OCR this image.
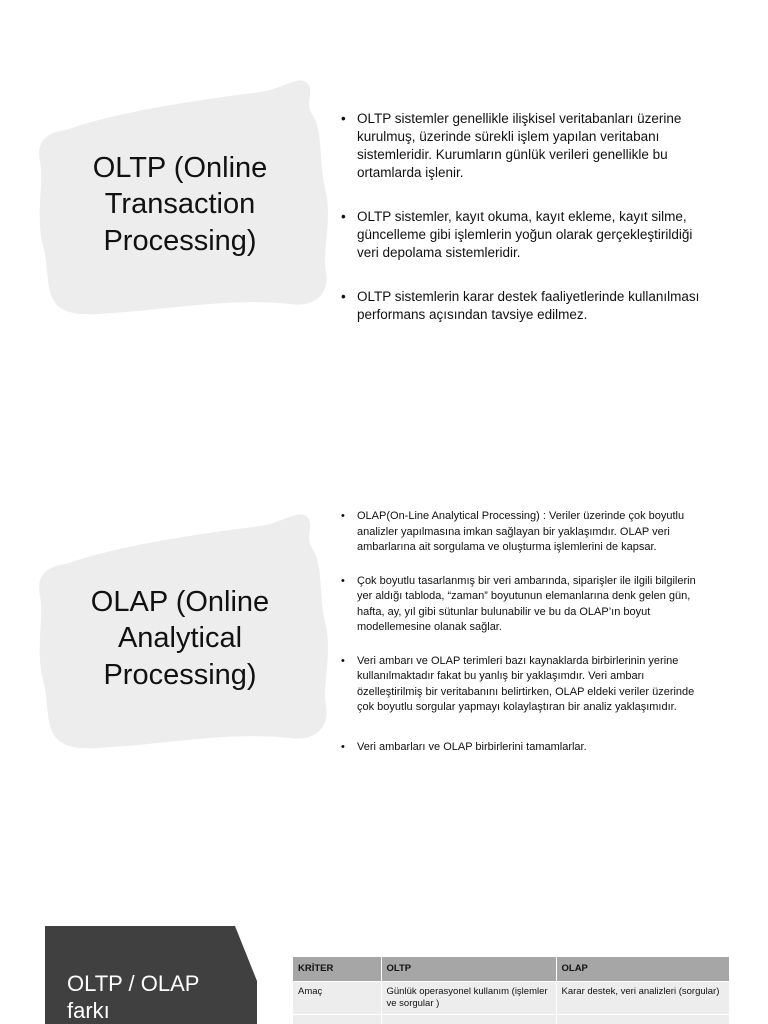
OLTP (Online Transaction Processing)
• OLTP sistemler genellikle ilişkisel veritabanları üzerine kurulmuş, üzerinde sürekli işlem yapılan veritabanı sistemleridir. Kurumların günlük verileri genellikle bu ortamlarda işlenir.
• OLTP sistemler, kayıt okuma, kayıt ekleme, kayıt silme, güncelleme gibi işlemlerin yoğun olarak gerçekleştirildiği veri depolama sistemleridir.
• OLTP sistemlerin karar destek faaliyetlerinde kullanılması performans açısından tavsiye edilmez.
OLAP (Online Analytical Processing)
• OLAP(On-Line Analytical Processing) : Veriler üzerinde çok boyutlu analizler yapılmasına imkan sağlayan bir yaklaşımdır. OLAP veri ambarlarına ait sorgulama ve oluşturma işlemlerini de kapsar.
• Çok boyutlu tasarlanmış bir veri ambarında, siparişler ile ilgili bilgilerin yer aldığı tabloda, “zaman” boyutunun elemanlarına denk gelen gün, hafta, ay, yıl gibi sütunlar bulunabilir ve bu da OLAP’ın boyut modellemesine olanak sağlar.
• Veri ambarı ve OLAP terimleri bazı kaynaklarda birbirlerinin yerine kullanılmaktadır fakat bu yanlış bir yaklaşımdır. Veri ambarı özelleştirilmiş bir veritabanını belirtirken, OLAP eldeki veriler üzerinde çok boyutlu sorgular yapmayı kolaylaştıran bir analiz yaklaşımıdır.
• Veri ambarları ve OLAP birbirlerini tamamlarlar.
OLTP / OLAP farkı
KRİTER	OLTP	OLAP
Amaç	Günlük operasyonel kullanım (işlemler ve sorgular )	Karar destek, veri analizleri (sorgular)
